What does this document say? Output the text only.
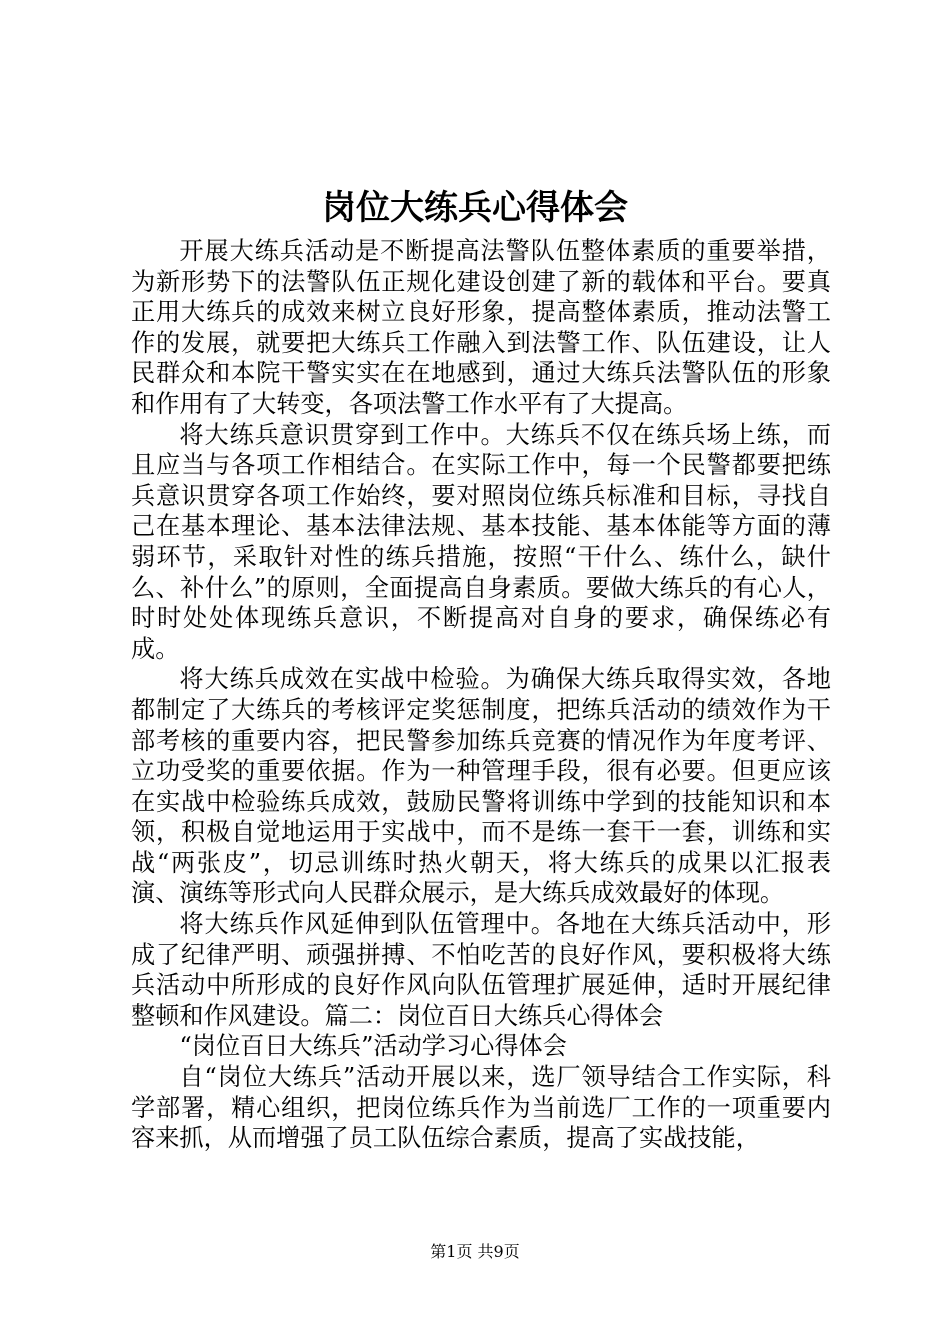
岗位大练兵心得体会

开展大练兵活动是不断提高法警队伍整体素质的重要举措，为新形势下的法警队伍正规化建设创建了新的载体和平台。要真正用大练兵的成效来树立良好形象，提高整体素质，推动法警工作的发展，就要把大练兵工作融入到法警工作、队伍建设，让人民群众和本院干警实实在在地感到，通过大练兵法警队伍的形象和作用有了大转变，各项法警工作水平有了大提高。

将大练兵意识贯穿到工作中。大练兵不仅在练兵场上练，而且应当与各项工作相结合。在实际工作中，每一个民警都要把练兵意识贯穿各项工作始终，要对照岗位练兵标准和目标，寻找自己在基本理论、基本法律法规、基本技能、基本体能等方面的薄弱环节，采取针对性的练兵措施，按照“干什么、练什么，缺什么、补什么”的原则，全面提高自身素质。要做大练兵的有心人，时时处处体现练兵意识，不断提高对自身的要求，确保练必有成。

将大练兵成效在实战中检验。为确保大练兵取得实效，各地都制定了大练兵的考核评定奖惩制度，把练兵活动的绩效作为干部考核的重要内容，把民警参加练兵竞赛的情况作为年度考评、立功受奖的重要依据。作为一种管理手段，很有必要。但更应该在实战中检验练兵成效，鼓励民警将训练中学到的技能知识和本领，积极自觉地运用于实战中，而不是练一套干一套，训练和实战“两张皮”，切忌训练时热火朝天，将大练兵的成果以汇报表演、演练等形式向人民群众展示，是大练兵成效最好的体现。

将大练兵作风延伸到队伍管理中。各地在大练兵活动中，形成了纪律严明、顽强拼搏、不怕吃苦的良好作风，要积极将大练兵活动中所形成的良好作风向队伍管理扩展延伸，适时开展纪律整顿和作风建设。篇二：岗位百日大练兵心得体会

“岗位百日大练兵”活动学习心得体会

自“岗位大练兵”活动开展以来，选厂领导结合工作实际，科学部署，精心组织，把岗位练兵作为当前选厂工作的一项重要内容来抓，从而增强了员工队伍综合素质，提高了实战技能，

第1页 共9页
